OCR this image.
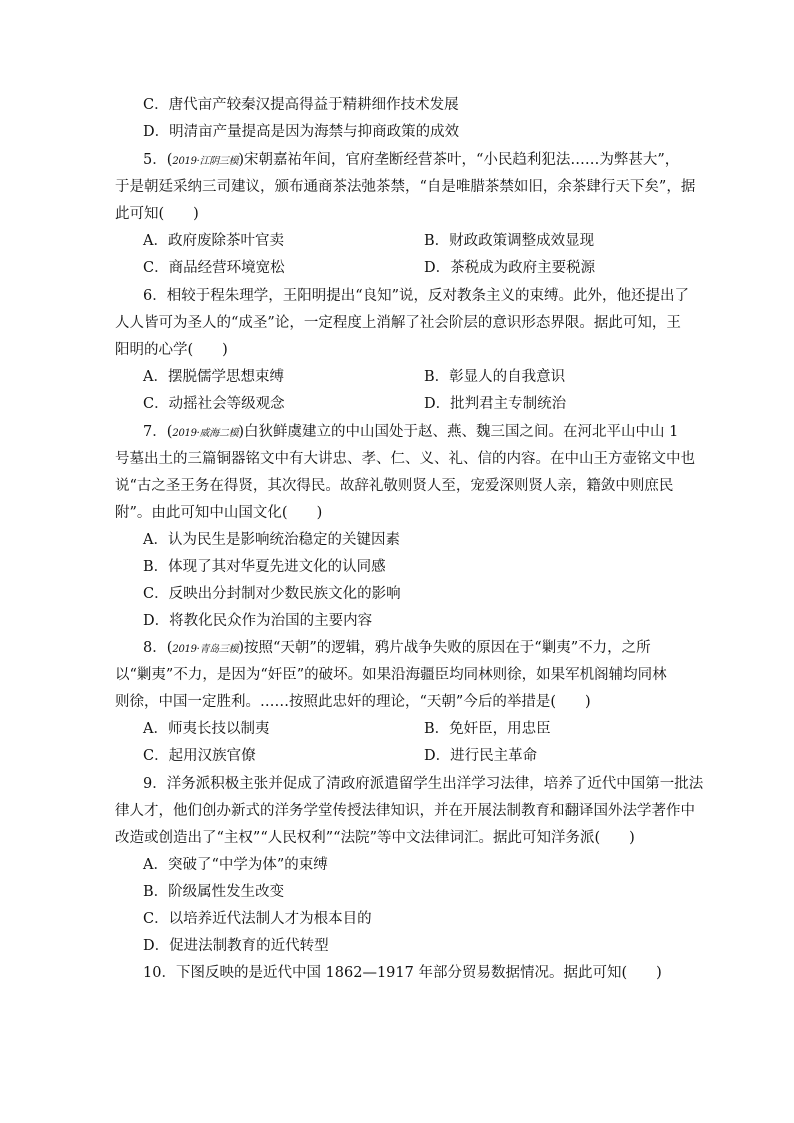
C．唐代亩产较秦汉提高得益于精耕细作技术发展
D．明清亩产量提高是因为海禁与抑商政策的成效
5．(2019·江阴三模)宋朝嘉祐年间，官府垄断经营茶叶，“小民趋利犯法……为弊甚大”，
于是朝廷采纳三司建议，颁布通商茶法弛茶禁，“自是唯腊茶禁如旧，余茶肆行天下矣”，据
此可知(　　)
A．政府废除茶叶官卖	B．财政政策调整成效显现
C．商品经营环境宽松	D．茶税成为政府主要税源
6．相较于程朱理学，王阳明提出“良知”说，反对教条主义的束缚。此外，他还提出了
人人皆可为圣人的“成圣”论，一定程度上消解了社会阶层的意识形态界限。据此可知，王
阳明的心学(　　)
A．摆脱儒学思想束缚	B．彰显人的自我意识
C．动摇社会等级观念	D．批判君主专制统治
7．(2019·威海二模)白狄鲜虞建立的中山国处于赵、燕、魏三国之间。在河北平山中山 1
号墓出土的三篇铜器铭文中有大讲忠、孝、仁、义、礼、信的内容。在中山王方壶铭文中也
说“古之圣王务在得贤，其次得民。故辞礼敬则贤人至，宠爱深则贤人亲，籍敛中则庶民
附”。由此可知中山国文化(　　)
A．认为民生是影响统治稳定的关键因素
B．体现了其对华夏先进文化的认同感
C．反映出分封制对少数民族文化的影响
D．将教化民众作为治国的主要内容
8．(2019·青岛三模)按照“天朝”的逻辑，鸦片战争失败的原因在于“剿夷”不力，之所
以“剿夷”不力，是因为“奸臣”的破坏。如果沿海疆臣均同林则徐，如果军机阁辅均同林
则徐，中国一定胜利。……按照此忠奸的理论，“天朝”今后的举措是(　　)
A．师夷长技以制夷	B．免奸臣，用忠臣
C．起用汉族官僚	D．进行民主革命
9．洋务派积极主张并促成了清政府派遣留学生出洋学习法律，培养了近代中国第一批法
律人才，他们创办新式的洋务学堂传授法律知识，并在开展法制教育和翻译国外法学著作中
改造或创造出了“主权”“人民权利”“法院”等中文法律词汇。据此可知洋务派(　　)
A．突破了“中学为体”的束缚
B．阶级属性发生改变
C．以培养近代法制人才为根本目的
D．促进法制教育的近代转型
10．下图反映的是近代中国 1862—1917 年部分贸易数据情况。据此可知(　　)
